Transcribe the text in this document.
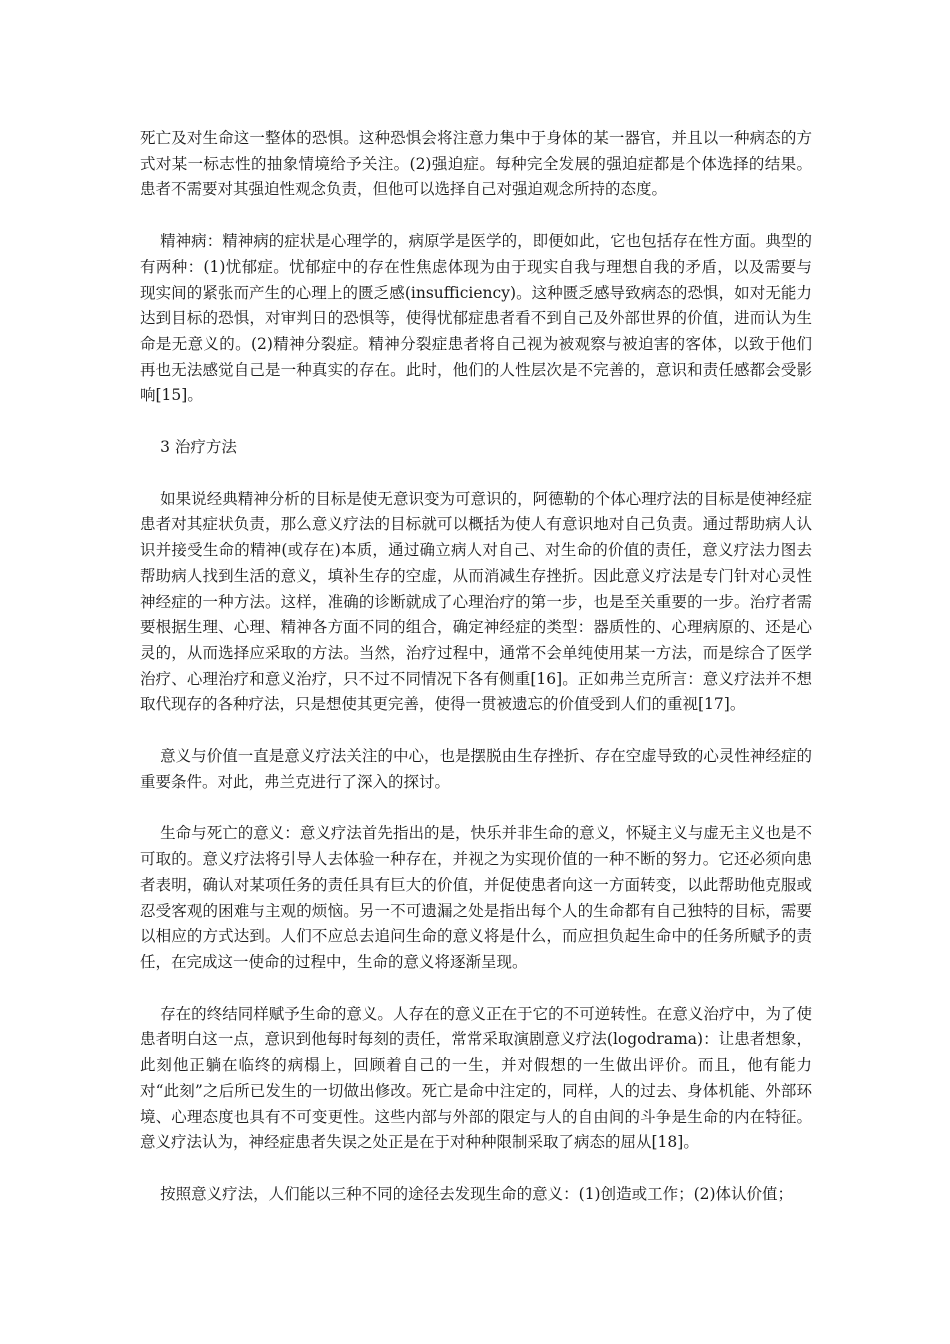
死亡及对生命这一整体的恐惧。这种恐惧会将注意力集中于身体的某一器官，并且以一种病态的方式对某一标志性的抽象情境给予关注。(2)强迫症。每种完全发展的强迫症都是个体选择的结果。患者不需要对其强迫性观念负责，但他可以选择自己对强迫观念所持的态度。

精神病：精神病的症状是心理学的，病原学是医学的，即便如此，它也包括存在性方面。典型的有两种：(1)忧郁症。忧郁症中的存在性焦虑体现为由于现实自我与理想自我的矛盾，以及需要与现实间的紧张而产生的心理上的匮乏感(insufficiency)。这种匮乏感导致病态的恐惧，如对无能力达到目标的恐惧，对审判日的恐惧等，使得忧郁症患者看不到自己及外部世界的价值，进而认为生命是无意义的。(2)精神分裂症。精神分裂症患者将自己视为被观察与被迫害的客体，以致于他们再也无法感觉自己是一种真实的存在。此时，他们的人性层次是不完善的，意识和责任感都会受影响[15]。

3 治疗方法

如果说经典精神分析的目标是使无意识变为可意识的，阿德勒的个体心理疗法的目标是使神经症患者对其症状负责，那么意义疗法的目标就可以概括为使人有意识地对自己负责。通过帮助病人认识并接受生命的精神(或存在)本质，通过确立病人对自己、对生命的价值的责任，意义疗法力图去帮助病人找到生活的意义，填补生存的空虚，从而消减生存挫折。因此意义疗法是专门针对心灵性神经症的一种方法。这样，准确的诊断就成了心理治疗的第一步，也是至关重要的一步。治疗者需要根据生理、心理、精神各方面不同的组合，确定神经症的类型：器质性的、心理病原的、还是心灵的，从而选择应采取的方法。当然，治疗过程中，通常不会单纯使用某一方法，而是综合了医学治疗、心理治疗和意义治疗，只不过不同情况下各有侧重[16]。正如弗兰克所言：意义疗法并不想取代现存的各种疗法，只是想使其更完善，使得一贯被遗忘的价值受到人们的重视[17]。

意义与价值一直是意义疗法关注的中心，也是摆脱由生存挫折、存在空虚导致的心灵性神经症的重要条件。对此，弗兰克进行了深入的探讨。

生命与死亡的意义：意义疗法首先指出的是，快乐并非生命的意义，怀疑主义与虚无主义也是不可取的。意义疗法将引导人去体验一种存在，并视之为实现价值的一种不断的努力。它还必须向患者表明，确认对某项任务的责任具有巨大的价值，并促使患者向这一方面转变，以此帮助他克服或忍受客观的困难与主观的烦恼。另一不可遗漏之处是指出每个人的生命都有自己独特的目标，需要以相应的方式达到。人们不应总去追问生命的意义将是什么，而应担负起生命中的任务所赋予的责任，在完成这一使命的过程中，生命的意义将逐渐呈现。

存在的终结同样赋予生命的意义。人存在的意义正在于它的不可逆转性。在意义治疗中，为了使患者明白这一点，意识到他每时每刻的责任，常常采取演剧意义疗法(logodrama)：让患者想象，此刻他正躺在临终的病榻上，回顾着自己的一生，并对假想的一生做出评价。而且，他有能力对“此刻”之后所已发生的一切做出修改。死亡是命中注定的，同样，人的过去、身体机能、外部环境、心理态度也具有不可变更性。这些内部与外部的限定与人的自由间的斗争是生命的内在特征。意义疗法认为，神经症患者失误之处正是在于对种种限制采取了病态的屈从[18]。

按照意义疗法，人们能以三种不同的途径去发现生命的意义：(1)创造或工作；(2)体认价值；
